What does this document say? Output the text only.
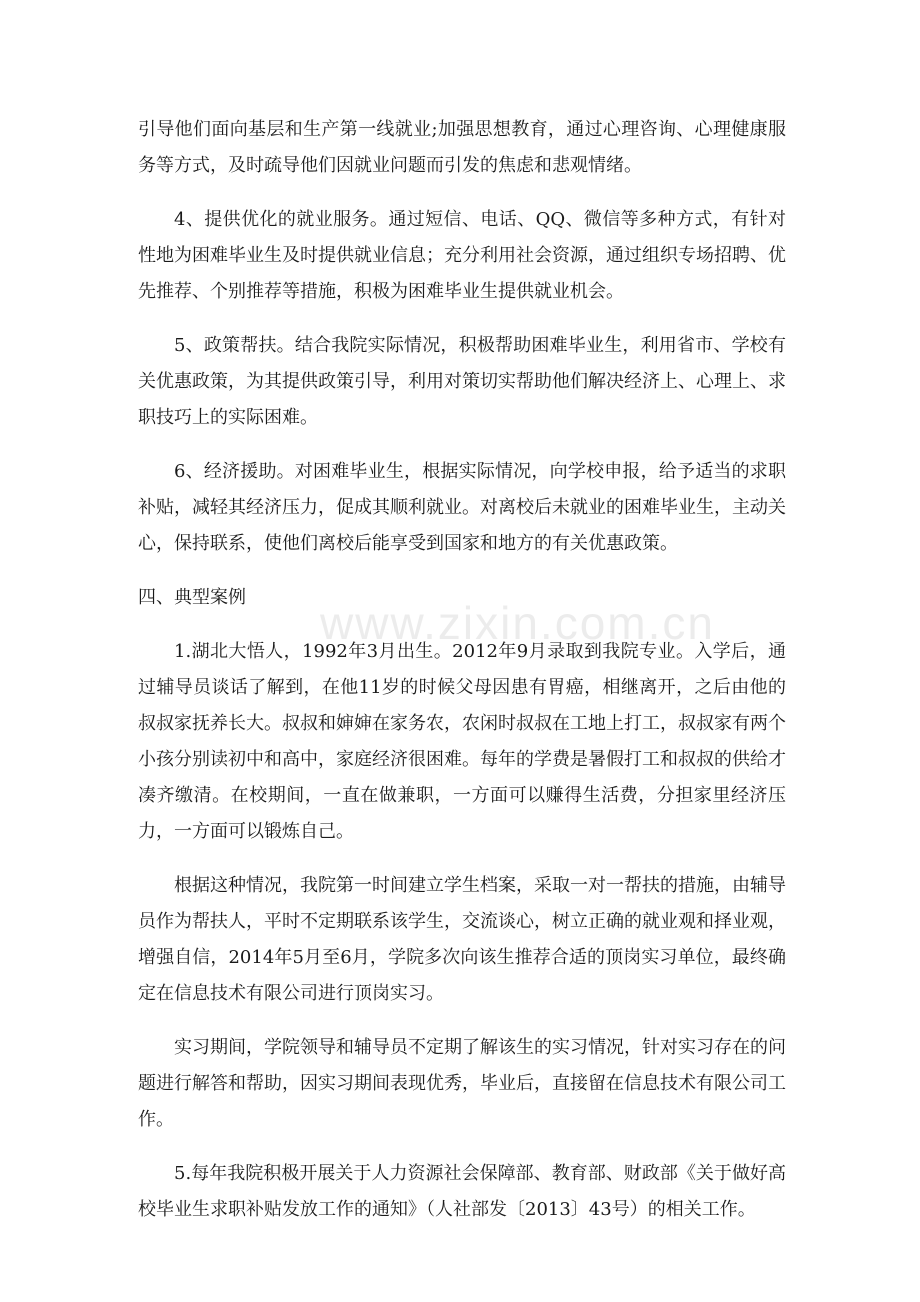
引导他们面向基层和生产第一线就业;加强思想教育，通过心理咨询、心理健康服务等方式，及时疏导他们因就业问题而引发的焦虑和悲观情绪。

4、提供优化的就业服务。通过短信、电话、QQ、微信等多种方式，有针对性地为困难毕业生及时提供就业信息；充分利用社会资源，通过组织专场招聘、优先推荐、个别推荐等措施，积极为困难毕业生提供就业机会。

5、政策帮扶。结合我院实际情况，积极帮助困难毕业生，利用省市、学校有关优惠政策，为其提供政策引导，利用对策切实帮助他们解决经济上、心理上、求职技巧上的实际困难。

6、经济援助。对困难毕业生，根据实际情况，向学校申报，给予适当的求职补贴，减轻其经济压力，促成其顺利就业。对离校后未就业的困难毕业生，主动关心，保持联系，使他们离校后能享受到国家和地方的有关优惠政策。

四、典型案例

1.湖北大悟人，1992年3月出生。2012年9月录取到我院专业。入学后，通过辅导员谈话了解到，在他11岁的时候父母因患有胃癌，相继离开，之后由他的叔叔家抚养长大。叔叔和婶婶在家务农，农闲时叔叔在工地上打工，叔叔家有两个小孩分别读初中和高中，家庭经济很困难。每年的学费是暑假打工和叔叔的供给才凑齐缴清。在校期间，一直在做兼职，一方面可以赚得生活费，分担家里经济压力，一方面可以锻炼自己。

根据这种情况，我院第一时间建立学生档案，采取一对一帮扶的措施，由辅导员作为帮扶人，平时不定期联系该学生，交流谈心，树立正确的就业观和择业观，增强自信，2014年5月至6月，学院多次向该生推荐合适的顶岗实习单位，最终确定在信息技术有限公司进行顶岗实习。

实习期间，学院领导和辅导员不定期了解该生的实习情况，针对实习存在的问题进行解答和帮助，因实习期间表现优秀，毕业后，直接留在信息技术有限公司工作。

5.每年我院积极开展关于人力资源社会保障部、教育部、财政部《关于做好高校毕业生求职补贴发放工作的通知》（人社部发〔2013〕43号）的相关工作。

www.zixin.com.cn
